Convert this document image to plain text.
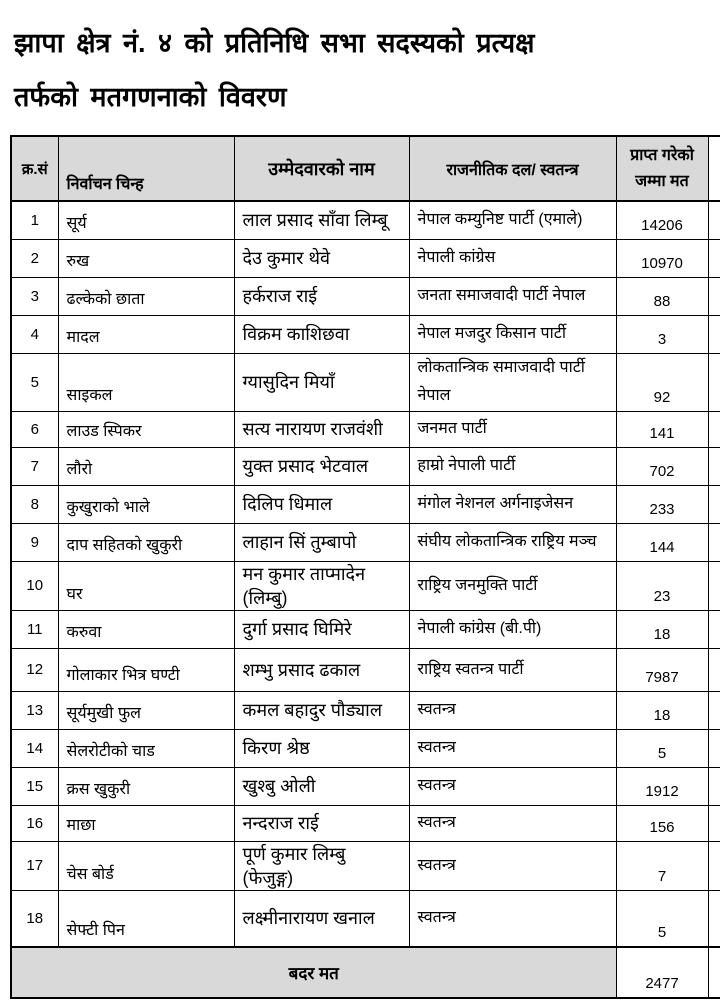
झापा क्षेत्र नं. ४ को प्रतिनिधि सभा सदस्यको प्रत्यक्ष
तर्फको मतगणनाको विवरण
क्र.सं	निर्वाचन चिन्ह	उम्मेदवारको नाम	राजनीतिक दल/ स्वतन्त्र	प्राप्त गरेको
जम्मा मत	

1	सूर्य	लाल प्रसाद साँवा लिम्बू	नेपाल कम्युनिष्ट पार्टी (एमाले)	14206	
2	रुख	देउ कुमार थेवे	नेपाली कांग्रेस	10970	
3	ढल्केको छाता	हर्कराज राई	जनता समाजवादी पार्टी नेपाल	88	
4	मादल	विक्रम काशिछवा	नेपाल मजदुर किसान पार्टी	3	
5	साइकल	ग्यासुदिन मियाँ	लोकतान्त्रिक समाजवादी पार्टी नेपाल	92	
6	लाउड स्पिकर	सत्य नारायण राजवंशी	जनमत पार्टी	141	
7	लौरो	युक्त प्रसाद भेटवाल	हाम्रो नेपाली पार्टी	702	
8	कुखुराको भाले	दिलिप धिमाल	मंगोल नेशनल अर्गनाइजेसन	233	
9	दाप सहितको खुकुरी	लाहान सिं तुम्बापो	संघीय लोकतान्त्रिक राष्ट्रिय मञ्च	144	
10	घर	मन कुमार ताप्मादेन (लिम्बु)	राष्ट्रिय जनमुक्ति पार्टी	23	
11	करुवा	दुर्गा प्रसाद घिमिरे	नेपाली कांग्रेस (बी.पी)	18	
12	गोलाकार भित्र घण्टी	शम्भु प्रसाद ढकाल	राष्ट्रिय स्वतन्त्र पार्टी	7987	
13	सूर्यमुखी फुल	कमल बहादुर पौड्याल	स्वतन्त्र	18	
14	सेलरोटीको चाड	किरण श्रेष्ठ	स्वतन्त्र	5	
15	क्रस खुकुरी	खुश्बु ओली	स्वतन्त्र	1912	
16	माछा	नन्दराज राई	स्वतन्त्र	156	
17	चेस बोर्ड	पूर्ण कुमार लिम्बु (फेजुङ्ग)	स्वतन्त्र	7	
18	सेफ्टी पिन	लक्ष्मीनारायण खनाल	स्वतन्त्र	5	
बदर मत				2477	
